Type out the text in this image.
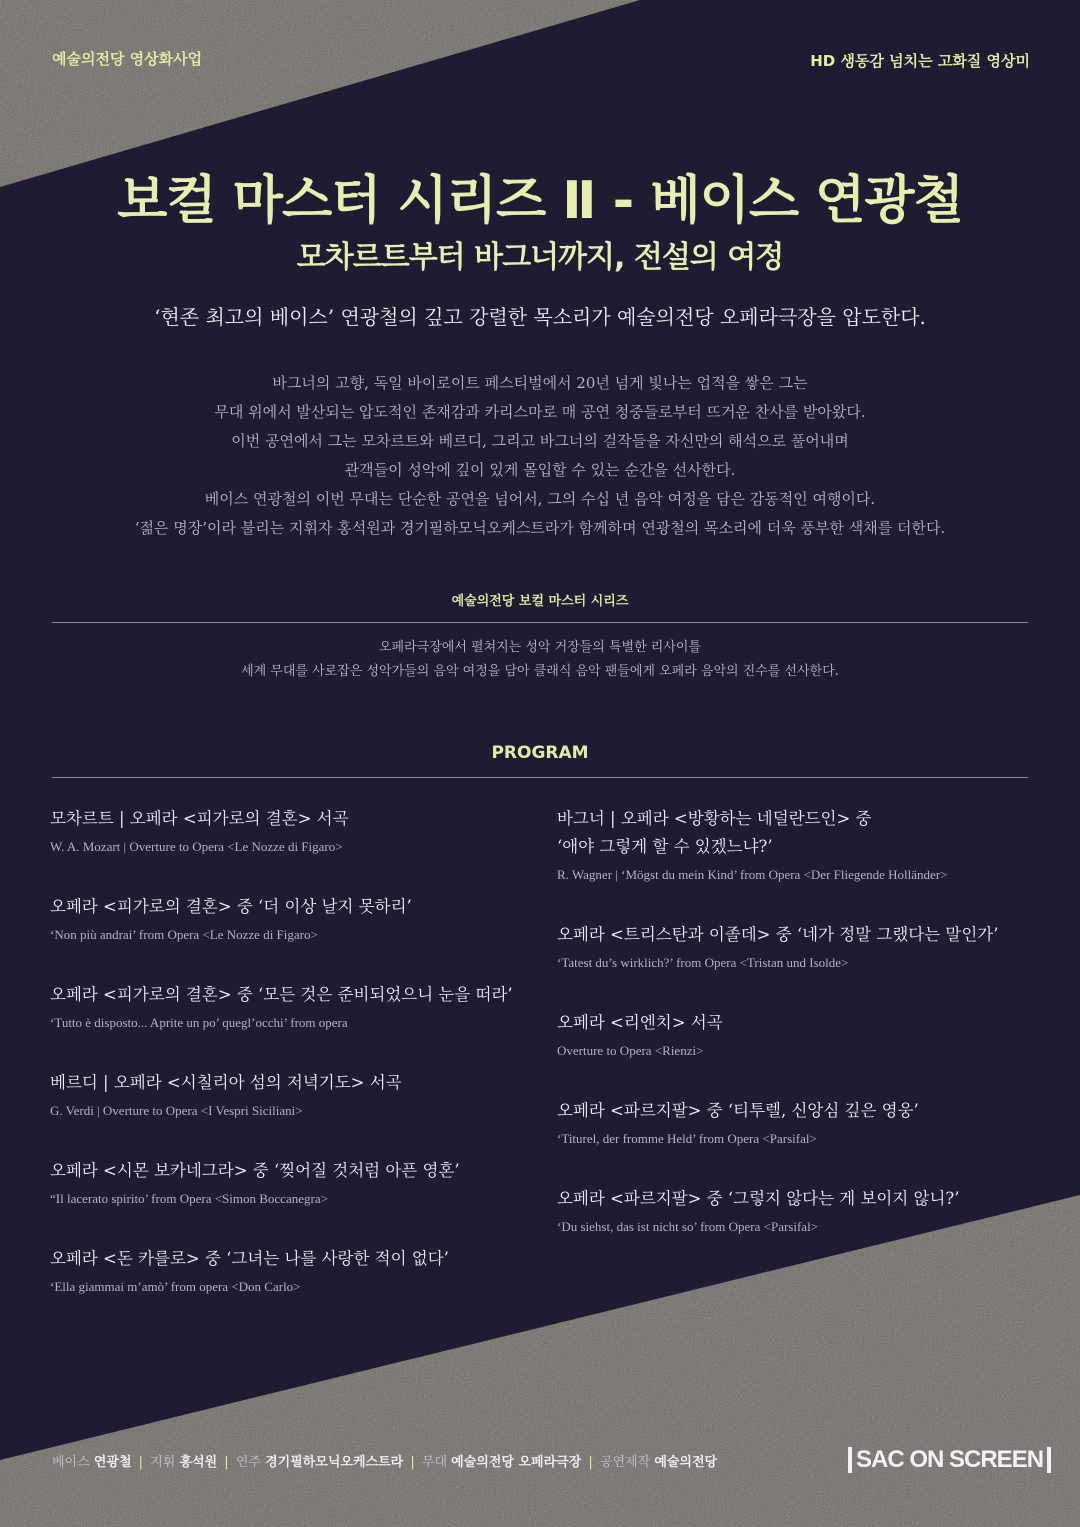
예술의전당 영상화사업	HD 생동감 넘치는 고화질 영상미
보컬 마스터 시리즈 Ⅱ - 베이스 연광철
모차르트부터 바그너까지, 전설의 여정
‘현존 최고의 베이스’ 연광철의 깊고 강렬한 목소리가 예술의전당 오페라극장을 압도한다.
바그너의 고향, 독일 바이로이트 페스티벌에서 20년 넘게 빛나는 업적을 쌓은 그는
무대 위에서 발산되는 압도적인 존재감과 카리스마로 매 공연 청중들로부터 뜨거운 찬사를 받아왔다.
이번 공연에서 그는 모차르트와 베르디, 그리고 바그너의 걸작들을 자신만의 해석으로 풀어내며
관객들이 성악에 깊이 있게 몰입할 수 있는 순간을 선사한다.
베이스 연광철의 이번 무대는 단순한 공연을 넘어서, 그의 수십 년 음악 여정을 담은 감동적인 여행이다.
‘젊은 명장’이라 불리는 지휘자 홍석원과 경기필하모닉오케스트라가 함께하며 연광철의 목소리에 더욱 풍부한 색채를 더한다.
예술의전당 보컬 마스터 시리즈
오페라극장에서 펼쳐지는 성악 거장들의 특별한 리사이틀
세계 무대를 사로잡은 성악가들의 음악 여정을 담아 클래식 음악 팬들에게 오페라 음악의 진수를 선사한다.
PROGRAM
모차르트 | 오페라 <피가로의 결혼> 서곡
W. A. Mozart | Overture to Opera <Le Nozze di Figaro>
오페라 <피가로의 결혼> 중 ‘더 이상 날지 못하리’
‘Non più andrai’ from Opera <Le Nozze di Figaro>
오페라 <피가로의 결혼> 중 ‘모든 것은 준비되었으니 눈을 떠라’
‘Tutto è disposto... Aprite un po’ quegl’occhi’ from opera
베르디 | 오페라 <시칠리아 섬의 저녁기도> 서곡
G. Verdi | Overture to Opera <I Vespri Siciliani>
오페라 <시몬 보카네그라> 중 ‘찢어질 것처럼 아픈 영혼’
“Il lacerato spirito’ from Opera <Simon Boccanegra>
오페라 <돈 카를로> 중 ‘그녀는 나를 사랑한 적이 없다’
‘Ella giammai m’amò’ from opera <Don Carlo>
바그너 | 오페라 <방황하는 네덜란드인> 중
‘애야 그렇게 할 수 있겠느냐?’
R. Wagner | ‘Mögst du mein Kind’ from Opera <Der Fliegende Holländer>
오페라 <트리스탄과 이졸데> 중 ‘네가 정말 그랬다는 말인가’
‘Tatest du’s wirklich?’ from Opera <Tristan und Isolde>
오페라 <리엔치> 서곡
Overture to Opera <Rienzi>
오페라 <파르지팔> 중 ‘티투렐, 신앙심 깊은 영웅’
‘Titurel, der fromme Held’ from Opera <Parsifal>
오페라 <파르지팔> 중 ‘그렇지 않다는 게 보이지 않니?’
‘Du siehst, das ist nicht so’ from Opera <Parsifal>
베이스 연광철 | 지휘 홍석원 | 연주 경기필하모닉오케스트라 | 무대 예술의전당 오페라극장 | 공연제작 예술의전당	SAC ON SCREEN
